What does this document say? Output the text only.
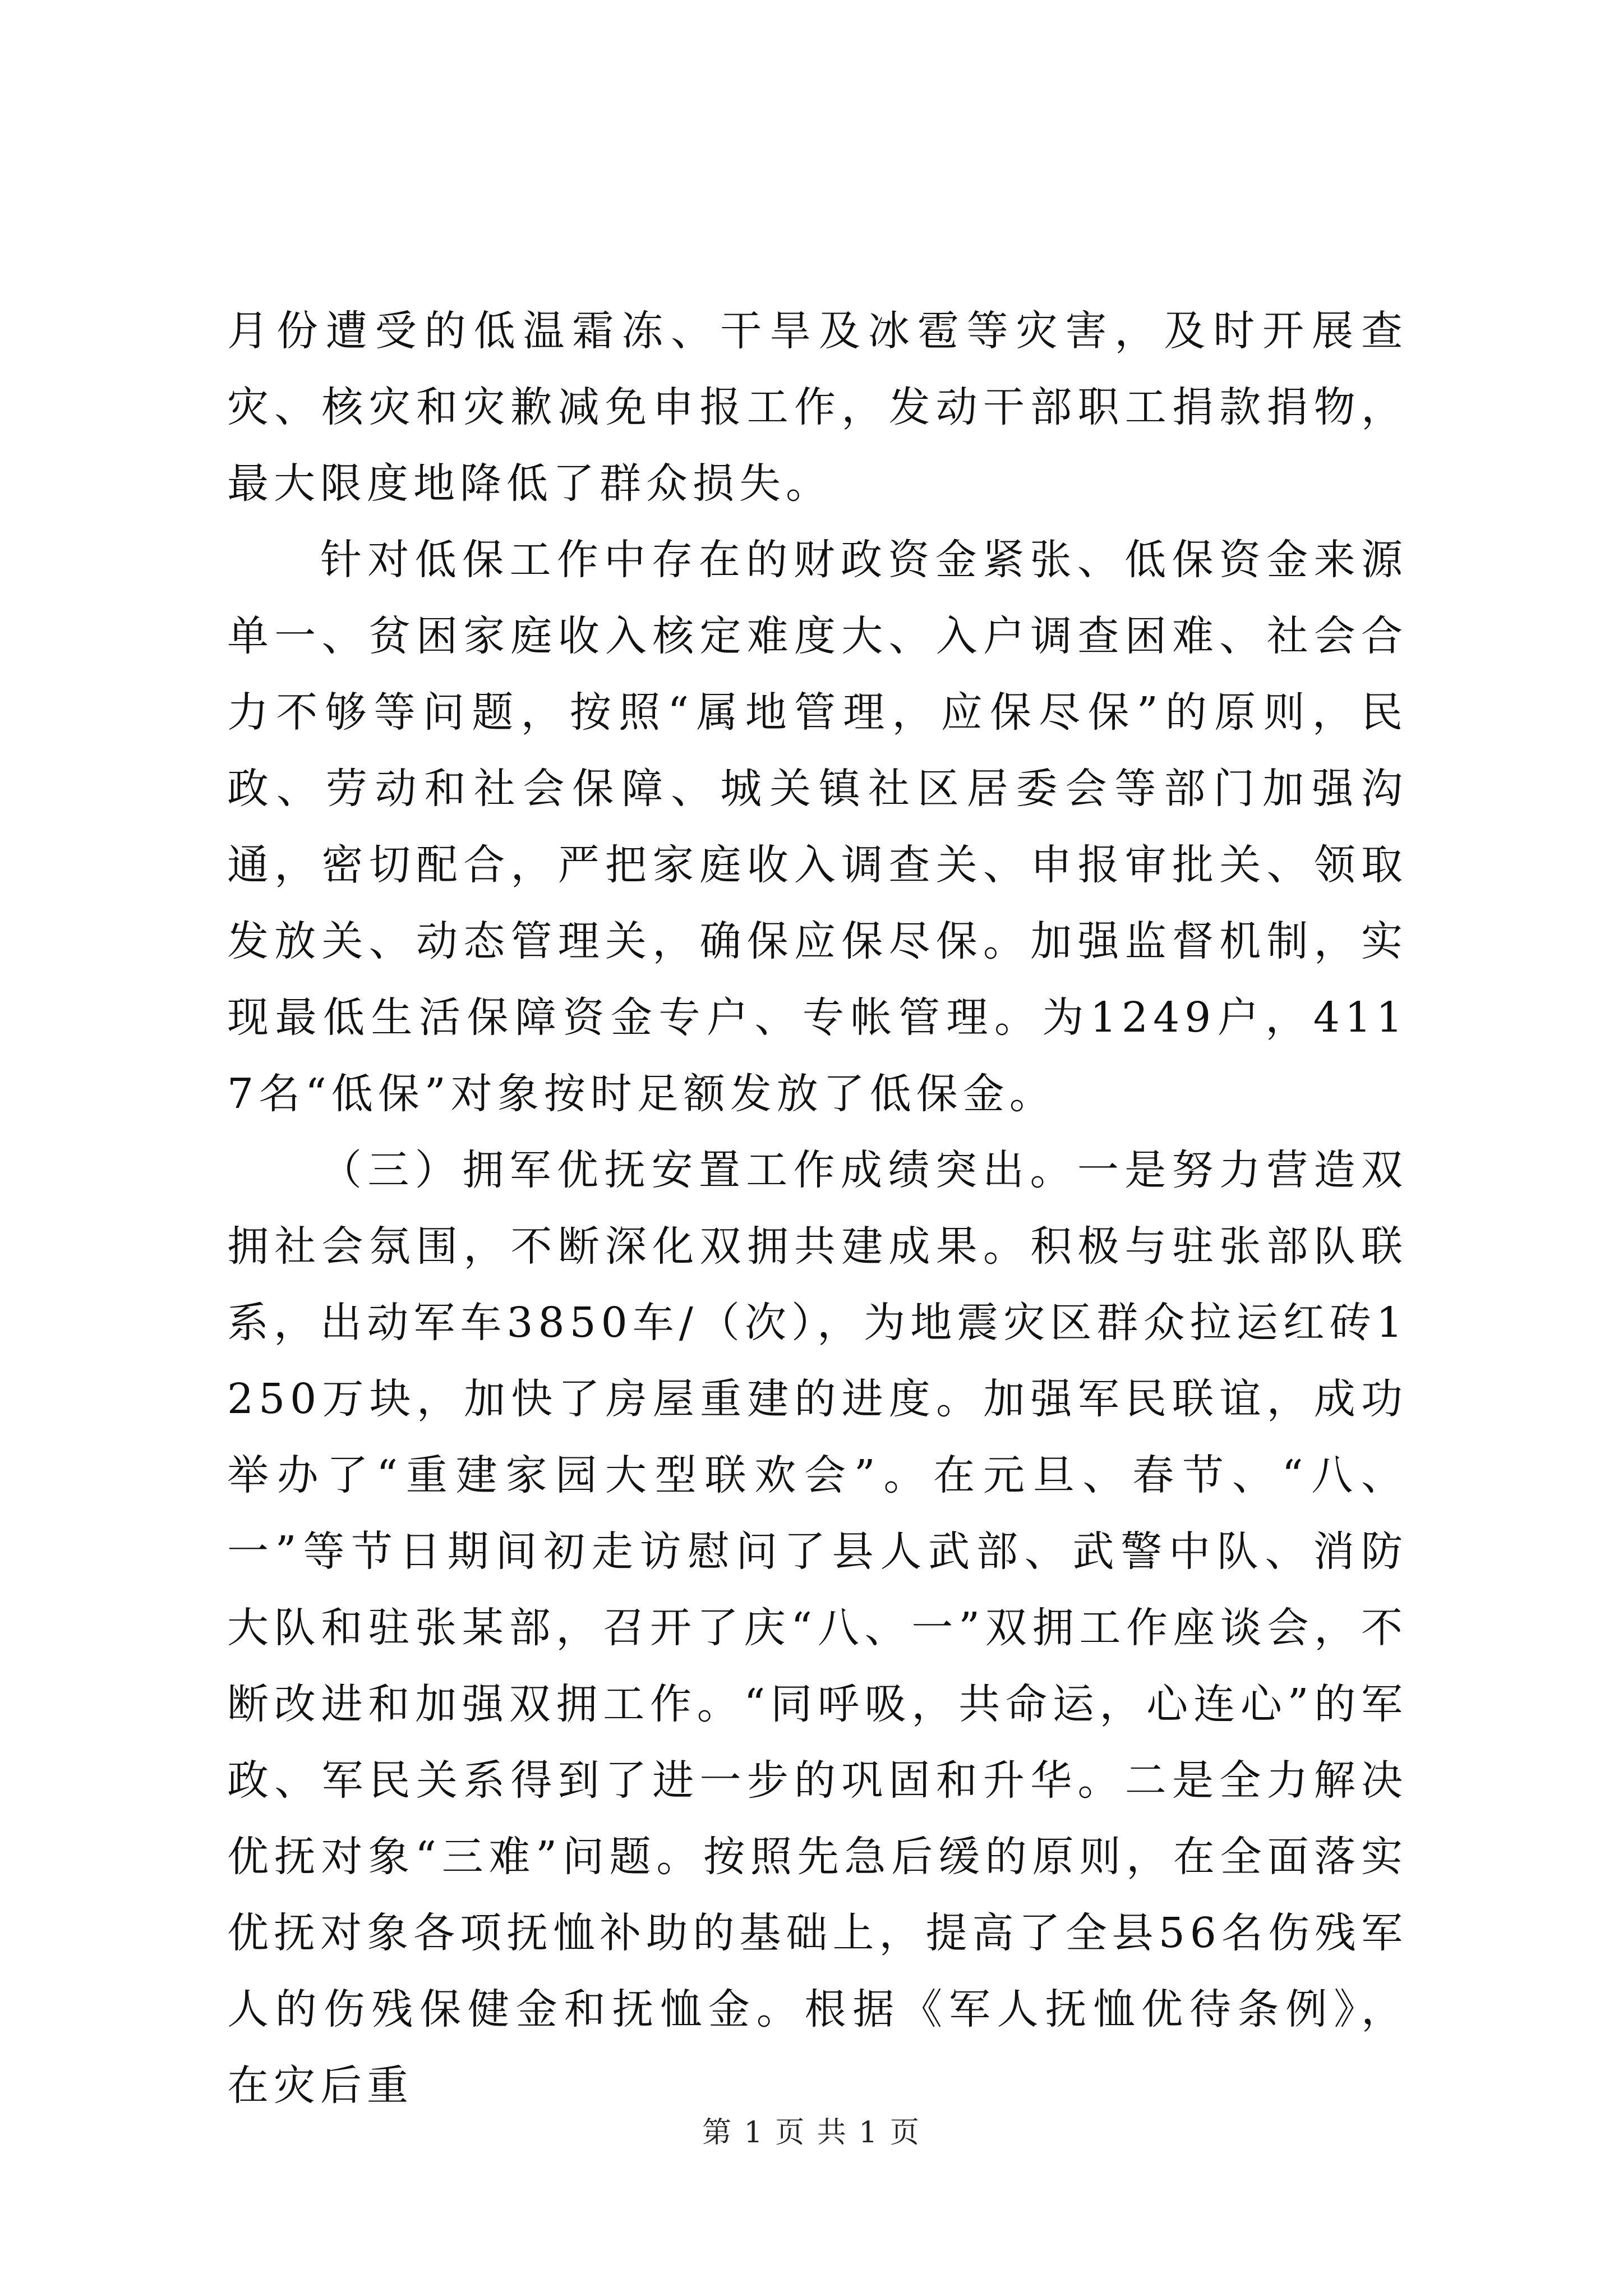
月份遭受的低温霜冻、干旱及冰雹等灾害，及时开展查灾、核灾和灾歉减免申报工作，发动干部职工捐款捐物，最大限度地降低了群众损失。

针对低保工作中存在的财政资金紧张、低保资金来源单一、贫困家庭收入核定难度大、入户调查困难、社会合力不够等问题，按照“属地管理，应保尽保”的原则，民政、劳动和社会保障、城关镇社区居委会等部门加强沟通，密切配合，严把家庭收入调查关、申报审批关、领取发放关、动态管理关，确保应保尽保。加强监督机制，实现最低生活保障资金专户、专帐管理。为1249户，4117名“低保”对象按时足额发放了低保金。

（三）拥军优抚安置工作成绩突出。一是努力营造双拥社会氛围，不断深化双拥共建成果。积极与驻张部队联系，出动军车3850车/（次），为地震灾区群众拉运红砖1250万块，加快了房屋重建的进度。加强军民联谊，成功举办了“重建家园大型联欢会”。在元旦、春节、“八、一”等节日期间初走访慰问了县人武部、武警中队、消防大队和驻张某部，召开了庆“八、一”双拥工作座谈会，不断改进和加强双拥工作。“同呼吸，共命运，心连心”的军政、军民关系得到了进一步的巩固和升华。二是全力解决优抚对象“三难”问题。按照先急后缓的原则，在全面落实优抚对象各项抚恤补助的基础上，提高了全县56名伤残军人的伤残保健金和抚恤金。根据《军人抚恤优待条例》，在灾后重

第 1 页 共 1 页
